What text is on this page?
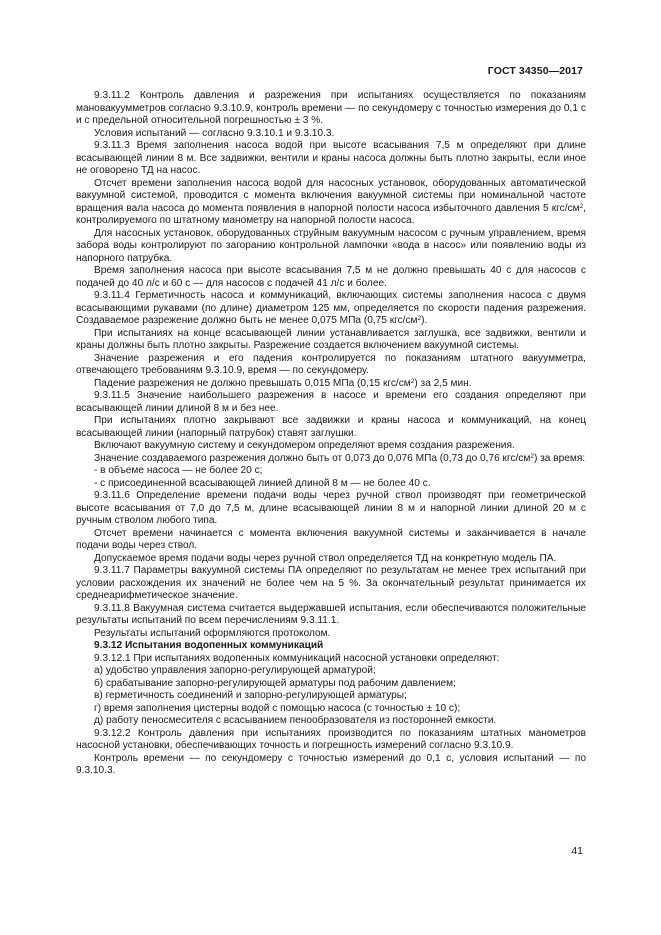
ГОСТ 34350—2017

9.3.11.2 Контроль давления и разрежения при испытаниях осуществляется по показаниям мановакуумметров согласно 9.3.10.9, контроль времени — по секундомеру с точностью измерения до 0,1 с и с предельной относительной погрешностью ± 3 %.

Условия испытаний — согласно 9.3.10.1 и 9.3.10.3.

9.3.11.3 Время заполнения насоса водой при высоте всасывания 7,5 м определяют при длине всасывающей линии 8 м. Все задвижки, вентили и краны насоса должны быть плотно закрыты, если иное не оговорено ТД на насос.

Отсчет времени заполнения насоса водой для насосных установок, оборудованных автоматической вакуумной системой, проводится с момента включения вакуумной системы при номинальной частоте вращения вала насоса до момента появления в напорной полости насоса избыточного давления 5 кгс/$см^2$, контролируемого по штатному манометру на напорной полости насоса.

Для насосных установок, оборудованных струйным вакуумным насосом с ручным управлением, время забора воды контролируют по загоранию контрольной лампочки «вода в насос» или появлению воды из напорного патрубка.

Время заполнения насоса при высоте всасывания 7,5 м не должно превышать 40 с для насосов с подачей до 40 л/с и 60 с — для насосов с подачей 41 л/с и более.

9.3.11.4 Герметичность насоса и коммуникаций, включающих системы заполнения насоса с двумя всасывающими рукавами (по длине) диаметром 125 мм, определяется по скорости падения разрежения. Создаваемое разрежение должно быть не менее 0,075 МПа (0,75 кгс/$см^2$).

При испытаниях на конце всасывающей линии устанавливается заглушка, все задвижки, вентили и краны должны быть плотно закрыты. Разрежение создается включением вакуумной системы.

Значение разрежения и его падения контролируется по показаниям штатного вакуумметра, отвечающего требованиям 9.3.10.9, время — по секундомеру.

Падение разрежения не должно превышать 0,015 МПа (0,15 кгс/$см^2$) за 2,5 мин.

9.3.11.5 Значение наибольшего разрежения в насосе и времени его создания определяют при всасывающей линии длиной 8 м и без нее.

При испытаниях плотно закрывают все задвижки и краны насоса и коммуникаций, на конец всасывающей линии (напорный патрубок) ставят заглушки.

Включают вакуумную систему и секундомером определяют время создания разрежения.

Значение создаваемого разрежения должно быть от 0,073 до 0,076 МПа (0,73 до 0,76 кгс/$см^2$) за время:

- в объеме насоса — не более 20 с;

- с присоединенной всасывающей линией длиной 8 м — не более 40 с.

9.3.11.6 Определение времени подачи воды через ручной ствол производят при геометрической высоте всасывания от 7,0 до 7,5 м, длине всасывающей линии 8 м и напорной линии длиной 20 м с ручным стволом любого типа.

Отсчет времени начинается с момента включения вакуумной системы и заканчивается в начале подачи воды через ствол.

Допускаемое время подачи воды через ручной ствол определяется ТД на конкретную модель ПА.

9.3.11.7 Параметры вакуумной системы ПА определяют по результатам не менее трех испытаний при условии расхождения их значений не более чем на 5 %. За окончательный результат принимается их среднеарифметическое значение.

9.3.11.8 Вакуумная система считается выдержавшей испытания, если обеспечиваются положительные результаты испытаний по всем перечислениям 9.3.11.1.

Результаты испытаний оформляются протоколом.

9.3.12 Испытания водопенных коммуникаций

9.3.12.1 При испытаниях водопенных коммуникаций насосной установки определяют:

а) удобство управления запорно-регулирующей арматурой;

б) срабатывание запорно-регулирующей арматуры под рабочим давлением;

в) герметичность соединений и запорно-регулирующей арматуры;

г) время заполнения цистерны водой с помощью насоса (с точностью ± 10 с);

д) работу пеносмесителя с всасыванием пенообразователя из посторонней емкости.

9.3.12.2 Контроль давления при испытаниях производится по показаниям штатных манометров насосной установки, обеспечивающих точность и погрешность измерений согласно 9.3.10.9.

Контроль времени — по секундомеру с точностью измерений до 0,1 с, условия испытаний — по 9.3.10.3.

41
